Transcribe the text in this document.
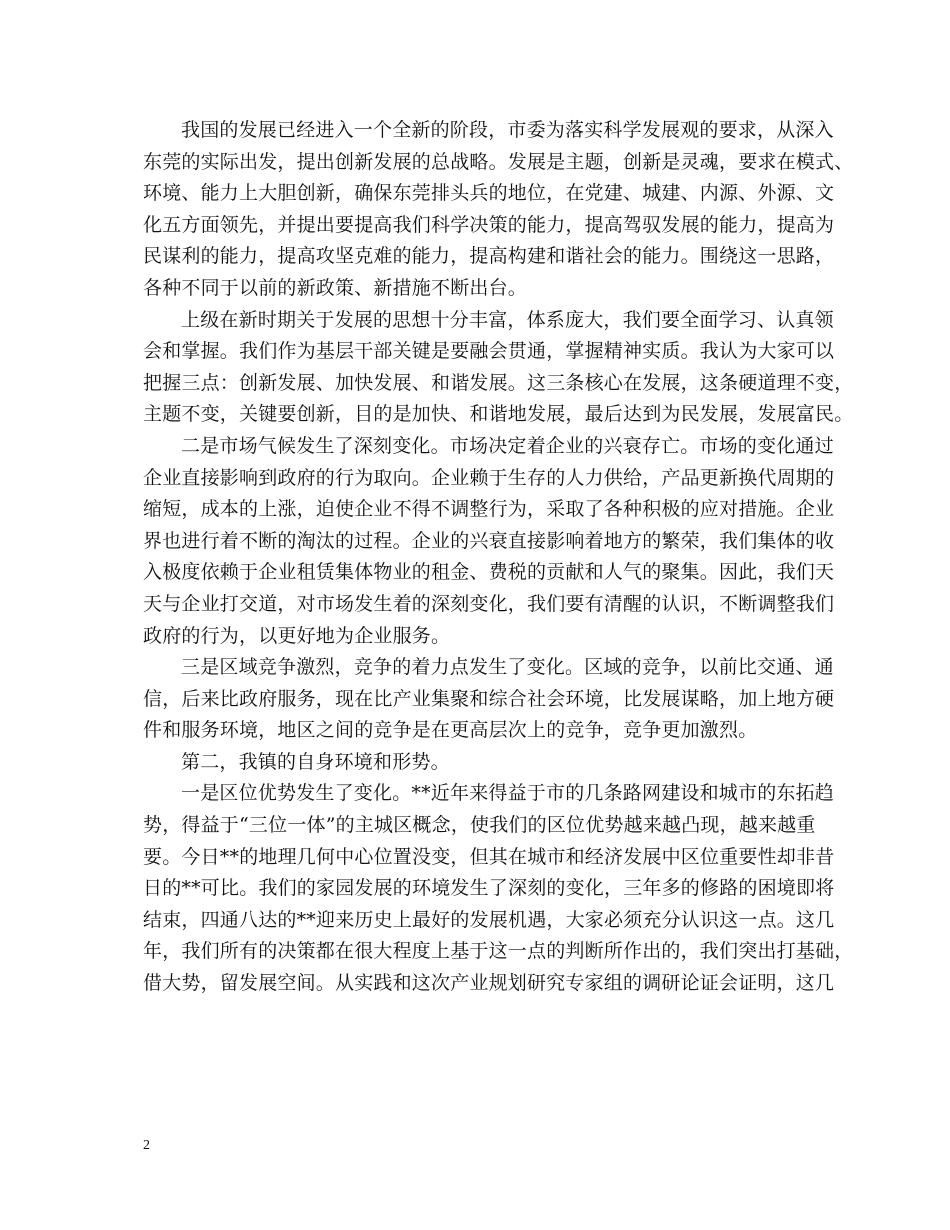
我国的发展已经进入一个全新的阶段，市委为落实科学发展观的要求，从深入
东莞的实际出发，提出创新发展的总战略。发展是主题，创新是灵魂，要求在模式、
环境、能力上大胆创新，确保东莞排头兵的地位，在党建、城建、内源、外源、文
化五方面领先，并提出要提高我们科学决策的能力，提高驾驭发展的能力，提高为
民谋利的能力，提高攻坚克难的能力，提高构建和谐社会的能力。围绕这一思路，
各种不同于以前的新政策、新措施不断出台。
上级在新时期关于发展的思想十分丰富，体系庞大，我们要全面学习、认真领
会和掌握。我们作为基层干部关键是要融会贯通，掌握精神实质。我认为大家可以
把握三点：创新发展、加快发展、和谐发展。这三条核心在发展，这条硬道理不变，
主题不变，关键要创新，目的是加快、和谐地发展，最后达到为民发展，发展富民。
二是市场气候发生了深刻变化。市场决定着企业的兴衰存亡。市场的变化通过
企业直接影响到政府的行为取向。企业赖于生存的人力供给，产品更新换代周期的
缩短，成本的上涨，迫使企业不得不调整行为，采取了各种积极的应对措施。企业
界也进行着不断的淘汰的过程。企业的兴衰直接影响着地方的繁荣，我们集体的收
入极度依赖于企业租赁集体物业的租金、费税的贡献和人气的聚集。因此，我们天
天与企业打交道，对市场发生着的深刻变化，我们要有清醒的认识，不断调整我们
政府的行为，以更好地为企业服务。
三是区域竞争激烈，竞争的着力点发生了变化。区域的竞争，以前比交通、通
信，后来比政府服务，现在比产业集聚和综合社会环境，比发展谋略，加上地方硬
件和服务环境，地区之间的竞争是在更高层次上的竞争，竞争更加激烈。
第二，我镇的自身环境和形势。
一是区位优势发生了变化。**近年来得益于市的几条路网建设和城市的东拓趋
势，得益于“三位一体”的主城区概念，使我们的区位优势越来越凸现，越来越重
要。今日**的地理几何中心位置没变，但其在城市和经济发展中区位重要性却非昔
日的**可比。我们的家园发展的环境发生了深刻的变化，三年多的修路的困境即将
结束，四通八达的**迎来历史上最好的发展机遇，大家必须充分认识这一点。这几
年，我们所有的决策都在很大程度上基于这一点的判断所作出的，我们突出打基础，
借大势，留发展空间。从实践和这次产业规划研究专家组的调研论证会证明，这几
2
